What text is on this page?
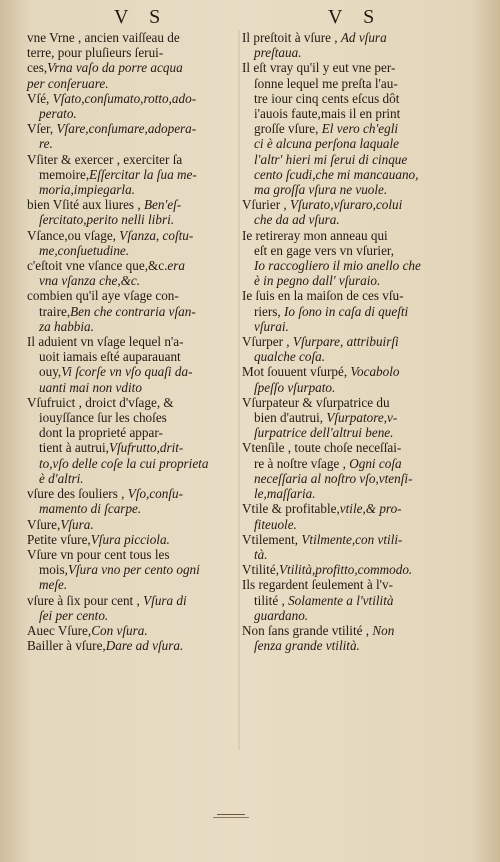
V S	V S
vne Vrne , ancien vaiſſeau de
terre, pour pluſieurs ſerui-
ces,Vrna vaſo da porre acqua
per conſeruare.
Vſé, Vſato,conſumato,rotto,ado-
perato.
Vſer, Vſare,conſumare,adopera-
re.
Vſiter & exercer , exerciter ſa
memoire,Eſſercitar la ſua me-
moria,impiegarla.
bien Vſité aux liures , Ben'eſ-
ſercitato,perito nelli libri.
Vſance,ou vſage, Vſanza, coſtu-
me,conſuetudine.
c'eſtoit vne vſance que,&c.era
vna vſanza che,&c.
combien qu'il aye vſage con-
traire,Ben che contraria vſan-
za habbia.
Il aduient vn vſage lequel n'a-
uoit iamais eſté auparauant
ouy,Vi ſcorſe vn vſo quaſi da-
uanti mai non vdito
Vſufruict , droict d'vſage, &
iouyſſance ſur les choſes
dont la proprieté appar-
tient à autrui,Vſufrutto,drit-
to,vſo delle coſe la cui proprieta
è d'altri.
vſure des ſouliers , Vſo,conſu-
mamento di ſcarpe.
Vſure,Vſura.
Petite vſure,Vſura picciola.
Vſure vn pour cent tous les
mois,Vſura vno per cento ogni
meſe.
vſure à ſix pour cent , Vſura di
ſei per cento.
Auec Vſure,Con vſura.
Bailler à vſure,Dare ad vſura.
Il preſtoit à vſure , Ad vſura
preſtaua.
Il eſt vray qu'il y eut vne per-
ſonne lequel me preſta l'au-
tre iour cinq cents eſcus dôt
i'auois faute,mais il en print
groſſe vſure, El vero ch'egli
ci è alcuna perſona laquale
l'altr' hieri mi ſerui di cinque
cento ſcudi,che mi mancauano,
ma groſſa vſura ne vuole.
Vſurier , Vſurato,vſuraro,colui
che da ad vſura.
Ie retireray mon anneau qui
eſt en gage vers vn vſurier,
Io raccogliero il mio anello che
è in pegno dall' vſuraio.
Ie ſuis en la maiſon de ces vſu-
riers, Io ſono in caſa di queſti
vſurai.
Vſurper , Vſurpare, attribuirſi
qualche coſa.
Mot ſouuent vſurpé, Vocabolo
ſpeſſo vſurpato.
Vſurpateur & vſurpatrice du
bien d'autrui, Vſurpatore,v-
ſurpatrice dell'altrui bene.
Vtenſile , toute choſe neceſſai-
re à noſtre vſage , Ogni coſa
neceſſaria al noſtro vſo,vtenſi-
le,maſſaria.
Vtile & profitable,vtile,& pro-
fiteuole.
Vtilement, Vtilmente,con vtili-
tà.
Vtilité,Vtilità,profitto,commodo.
Ils regardent ſeulement à l'v-
tilité , Solamente a l'vtilità
guardano.
Non ſans grande vtilité , Non
ſenza grande vtilità.
